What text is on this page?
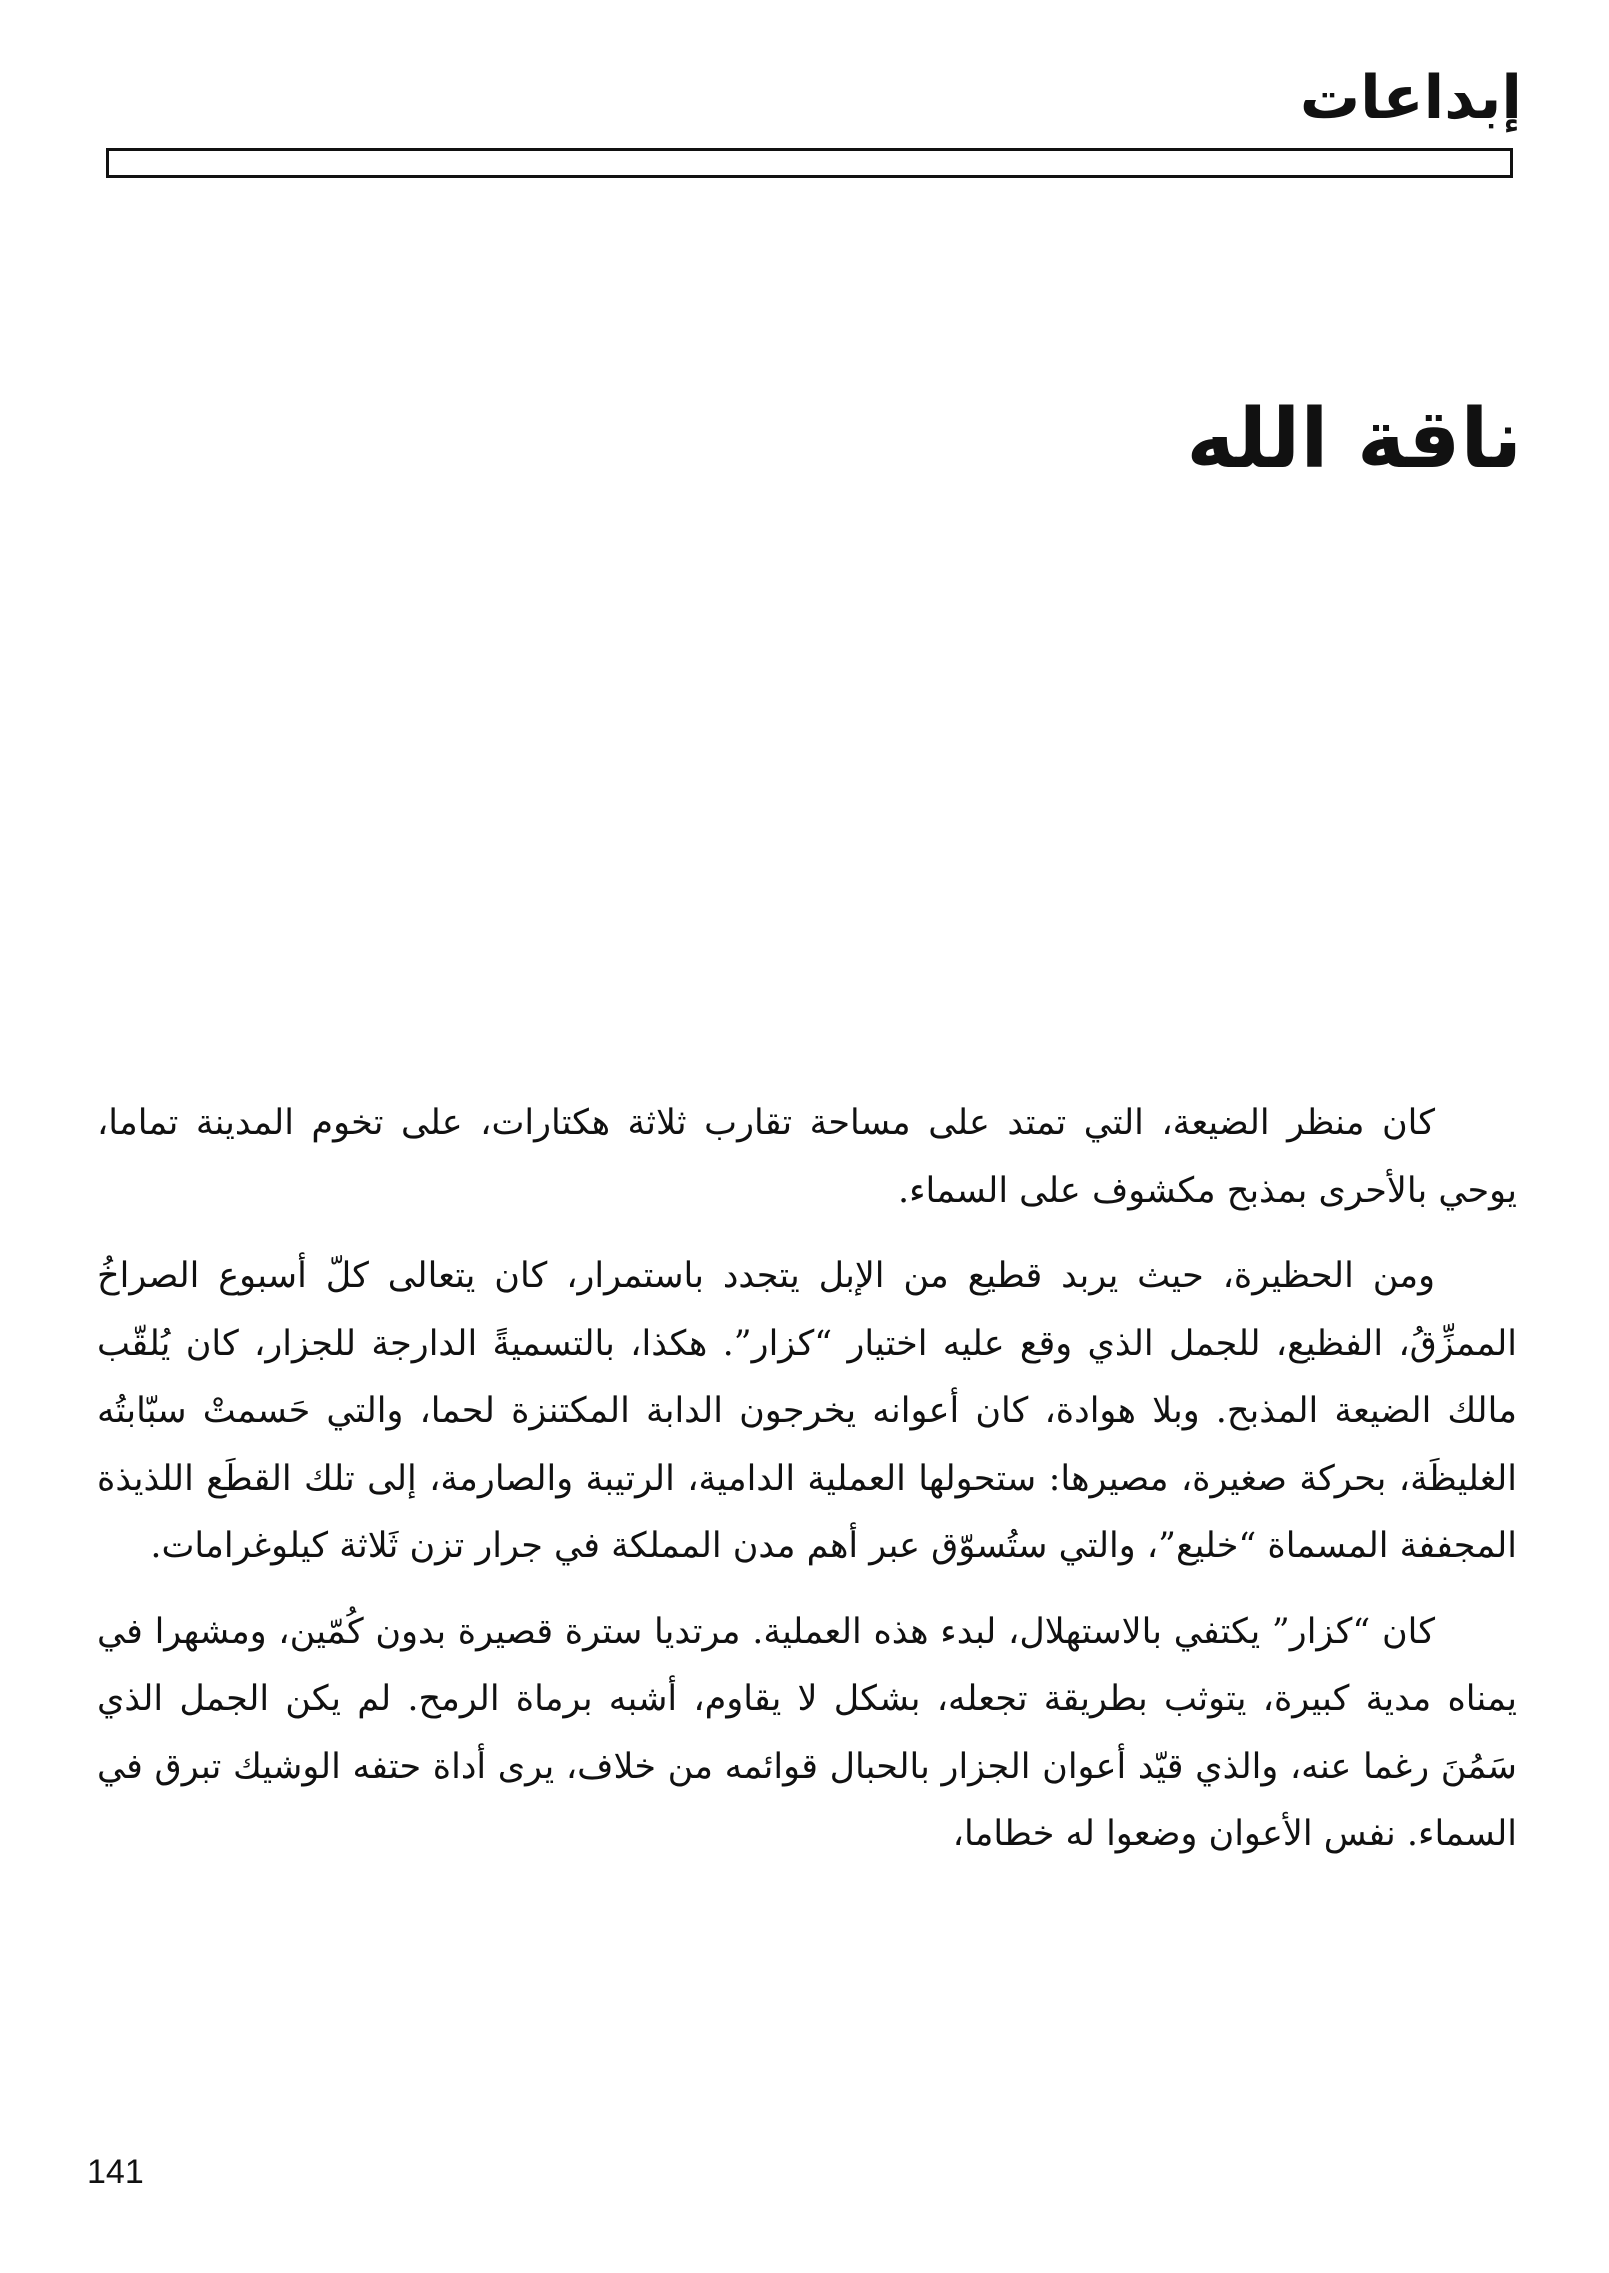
إبداعات
ناقة الله

كان منظر الضيعة، التي تمتد على مساحة تقارب ثلاثة هكتارات، على تخوم المدينة تماما، يوحي بالأحرى بمذبح مكشوف على السماء.

ومن الحظيرة، حيث يربد قطيع من الإبل يتجدد باستمرار، كان يتعالى كلّ أسبوع الصراخُ الممزِّقُ، الفظيع، للجمل الذي وقع عليه اختيار “كزار”. هكذا، بالتسميةً الدارجة للجزار، كان يُلقّب مالك الضيعة المذبح. وبلا هوادة، كان أعوانه يخرجون الدابة المكتنزة لحما، والتي حَسمتْ سبّابتُه الغليظَة، بحركة صغيرة، مصيرها: ستحولها العملية الدامية، الرتيبة والصارمة، إلى تلك القطَع اللذيذة المجففة المسماة “خليع”، والتي ستُسوّق عبر أهم مدن المملكة في جرار تزن ثَلاثة كيلوغرامات.

كان “كزار” يكتفي بالاستهلال، لبدء هذه العملية. مرتديا سترة قصيرة بدون كُمّين، ومشهرا في يمناه مدية كبيرة، يتوثب بطريقة تجعله، بشكل لا يقاوم، أشبه برماة الرمح. لم يكن الجمل الذي سَمُنَ رغما عنه، والذي قيّد أعوان الجزار بالحبال قوائمه من خلاف، يرى أداة حتفه الوشيك تبرق في السماء. نفس الأعوان وضعوا له خطاما،

141
